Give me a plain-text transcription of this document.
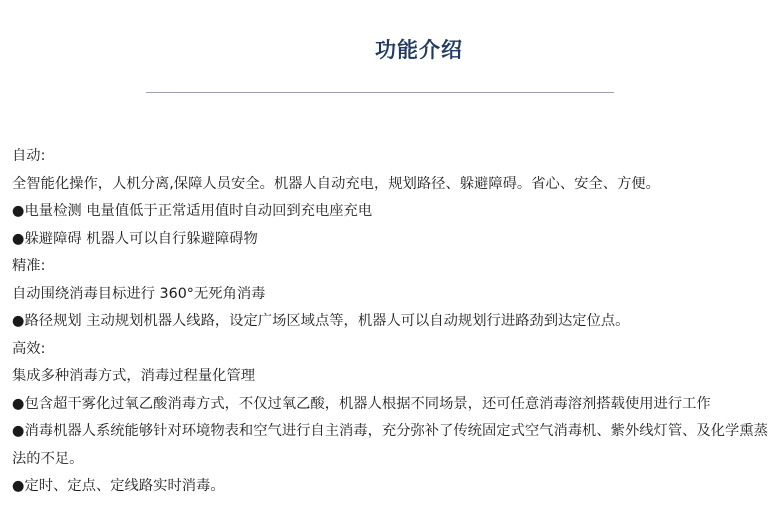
功能介绍

自动:

全智能化操作，人机分离,保障人员安全。机器人自动充电，规划路径、躲避障碍。省心、安全、方便。

●电量检测 电量值低于正常适用值时自动回到充电座充电

●躲避障碍 机器人可以自行躲避障碍物

精准:

自动围绕消毒目标进行 360°无死角消毒

●路径规划 主动规划机器人线路，设定广场区域点等，机器人可以自动规划行进路劲到达定位点。

高效:

集成多种消毒方式，消毒过程量化管理

●包含超干雾化过氧乙酸消毒方式，不仅过氧乙酸，机器人根据不同场景，还可任意消毒溶剂搭载使用进行工作

●消毒机器人系统能够针对环境物表和空气进行自主消毒，充分弥补了传统固定式空气消毒机、紫外线灯管、及化学熏蒸法的不足。

●定时、定点、定线路实时消毒。
